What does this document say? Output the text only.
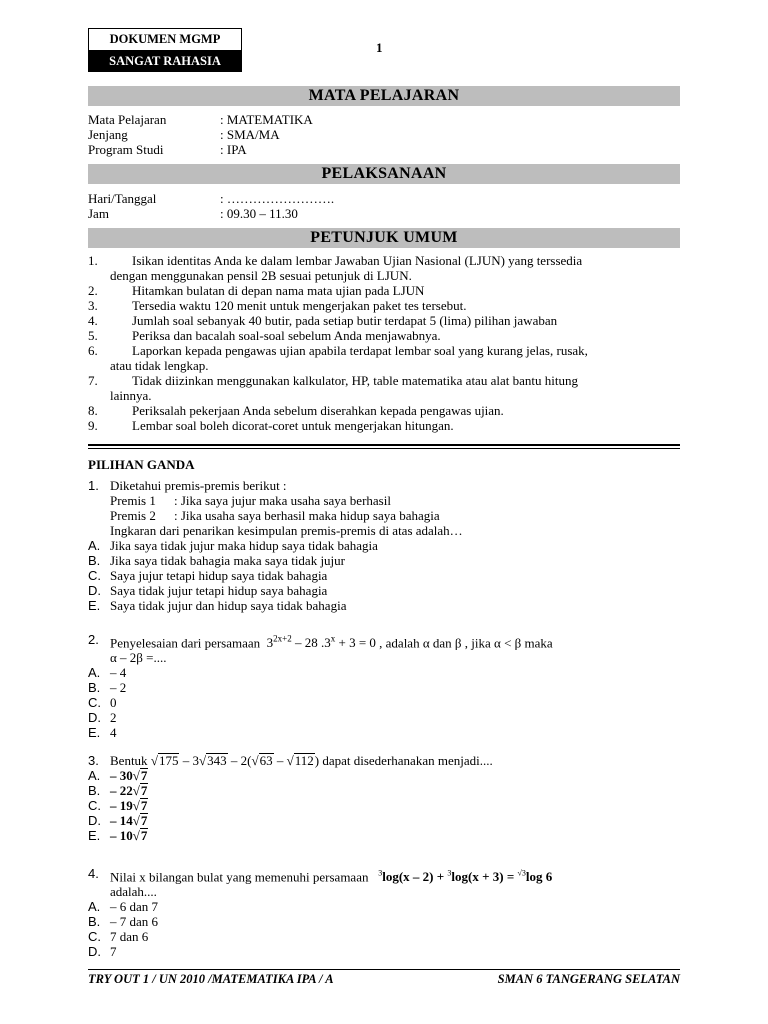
DOKUMEN MGMP
SANGAT RAHASIA
1
MATA PELAJARAN
Mata Pelajaran	: MATEMATIKA
Jenjang	: SMA/MA
Program Studi	: IPA
PELAKSANAAN
Hari/Tanggal	: …………………….
Jam	: 09.30 – 11.30
PETUNJUK UMUM
1.	Isikan identitas Anda ke dalam lembar Jawaban Ujian Nasional (LJUN) yang terssedia
dengan menggunakan pensil 2B sesuai petunjuk di LJUN.
2.	Hitamkan bulatan di depan nama mata ujian pada LJUN
3.	Tersedia waktu 120 menit untuk mengerjakan paket tes tersebut.
4.	Jumlah soal sebanyak 40 butir, pada setiap butir terdapat 5 (lima) pilihan jawaban
5.	Periksa dan bacalah soal-soal sebelum Anda menjawabnya.
6.	Laporkan kepada pengawas ujian apabila terdapat lembar soal yang kurang jelas, rusak,
atau tidak lengkap.
7.	Tidak diizinkan menggunakan kalkulator, HP, table matematika atau alat bantu hitung
lainnya.
8.	Periksalah pekerjaan Anda sebelum diserahkan kepada pengawas ujian.
9.	Lembar soal boleh dicorat-coret untuk mengerjakan hitungan.
PILIHAN GANDA
1. Diketahui premis-premis berikut :
Premis 1 : Jika saya jujur maka usaha saya berhasil

Premis 2 : Jika usaha saya berhasil maka hidup saya bahagia

Ingkaran dari penarikan kesimpulan premis-premis di atas adalah…
A. Jika saya tidak jujur maka hidup saya tidak bahagia
B. Jika saya tidak bahagia maka saya tidak jujur
C. Saya jujur tetapi hidup saya tidak bahagia
D. Saya tidak jujur tetapi hidup saya bahagia
E. Saya tidak jujur dan hidup saya tidak bahagia
2. Penyelesaian dari persamaan $3^{2x+2} - 28$ $.3^x + 3 = 0$ , adalah α dan β , jika α < β maka
α – 2β =....
A. – 4
B. – 2
C. 0
D. 2
E. 4
3. Bentuk √175 – 3√343 – 2(√63 – √112) dapat disederhanakan menjadi....
A. – 30√7
B. – 22√7
C. – 19√7
D. – 14√7
E. – 10√7
4. Nilai x bilangan bulat yang memenuhi persamaan $^3$log(x – 2) + $^3$log(x + 3) = $^{√3}$log 6
adalah....
A. – 6 dan 7
B. – 7 dan 6
C. 7 dan 6
D. 7
TRY OUT 1 / UN 2010 /MATEMATIKA IPA / A	SMAN 6 TANGERANG SELATAN
